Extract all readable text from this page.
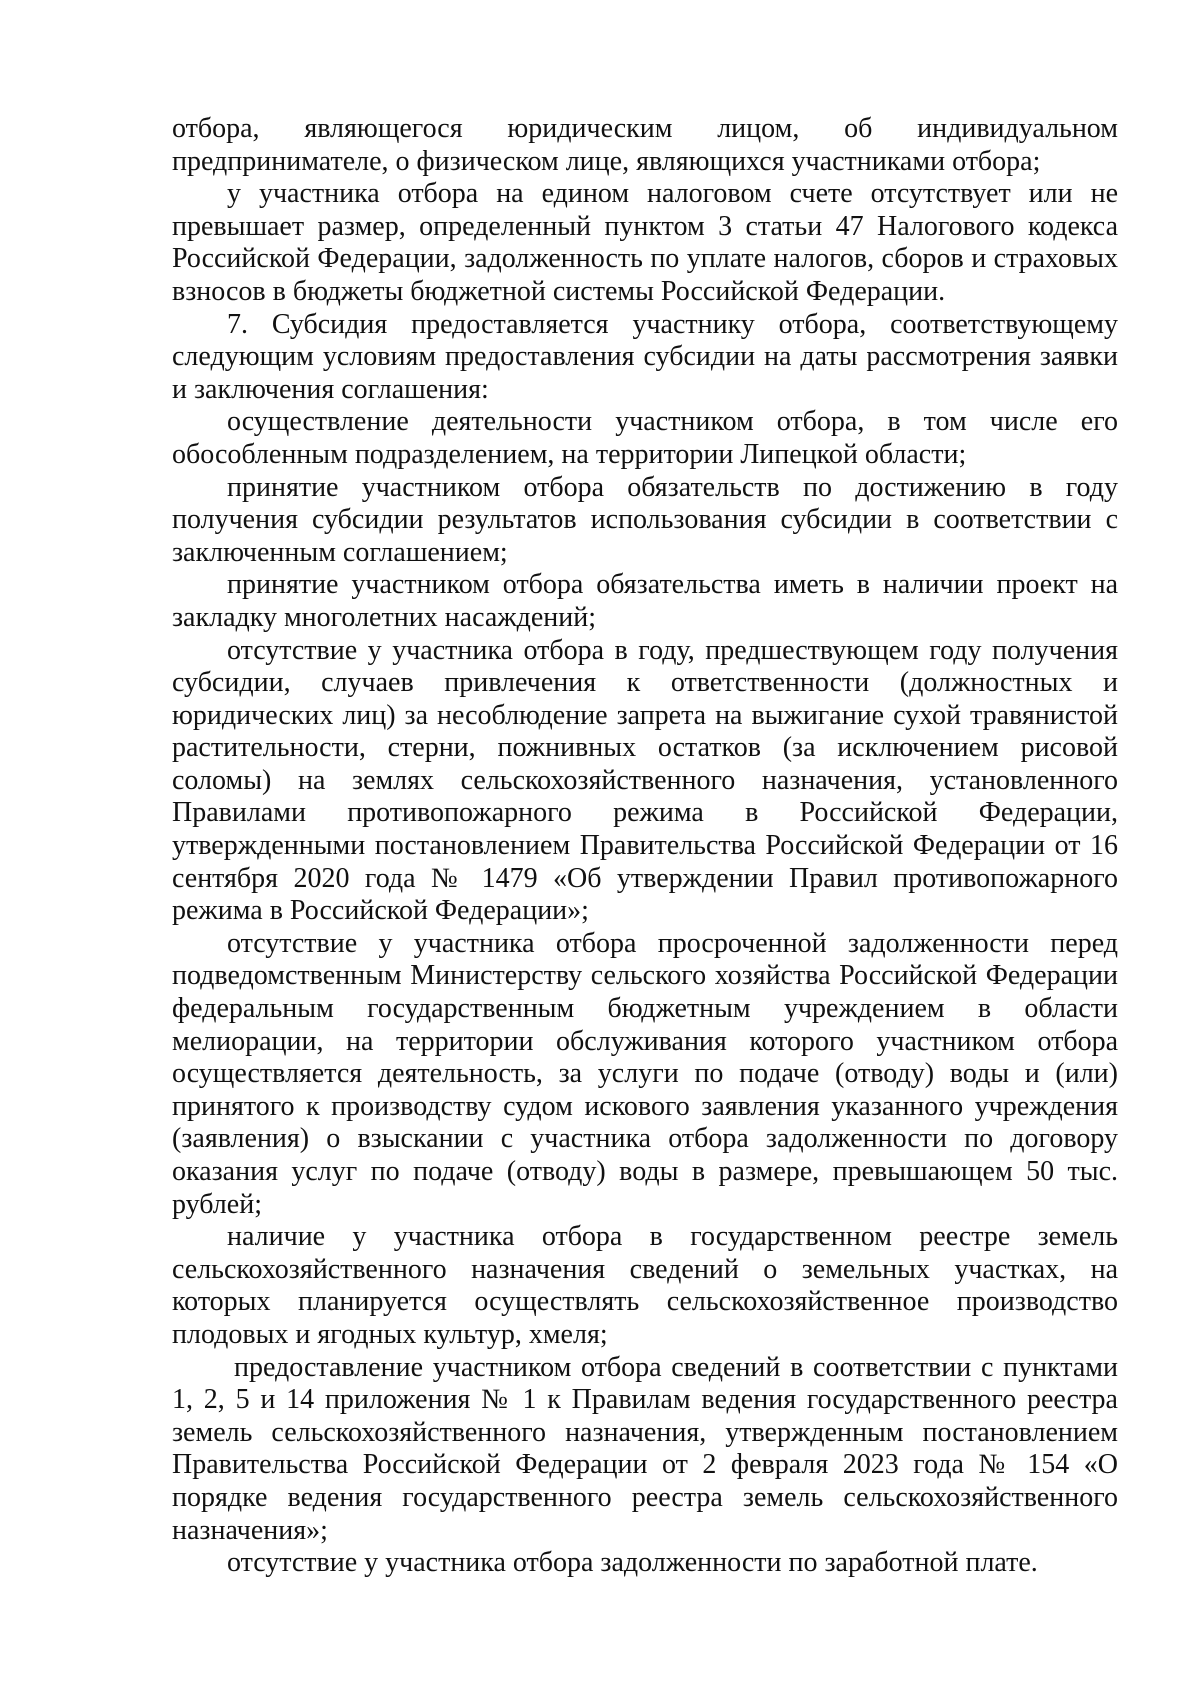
отбора, являющегося юридическим лицом, об индивидуальном предпринимателе, о физическом лице, являющихся участниками отбора;

у участника отбора на едином налоговом счете отсутствует или не превышает размер, определенный пунктом 3 статьи 47 Налогового кодекса Российской Федерации, задолженность по уплате налогов, сборов и страховых взносов в бюджеты бюджетной системы Российской Федерации.

7. Субсидия предоставляется участнику отбора, соответствующему следующим условиям предоставления субсидии на даты рассмотрения заявки и заключения соглашения:

осуществление деятельности участником отбора, в том числе его обособленным подразделением, на территории Липецкой области;

принятие участником отбора обязательств по достижению в году получения субсидии результатов использования субсидии в соответствии с заключенным соглашением;

принятие участником отбора обязательства иметь в наличии проект на закладку многолетних насаждений;

отсутствие у участника отбора в году, предшествующем году получения субсидии, случаев привлечения к ответственности (должностных и юридических лиц) за несоблюдение запрета на выжигание сухой травянистой растительности, стерни, пожнивных остатков (за исключением рисовой соломы) на землях сельскохозяйственного назначения, установленного Правилами противопожарного режима в Российской Федерации, утвержденными постановлением Правительства Российской Федерации от 16 сентября 2020 года № 1479 «Об утверждении Правил противопожарного режима в Российской Федерации»;

отсутствие у участника отбора просроченной задолженности перед подведомственным Министерству сельского хозяйства Российской Федерации федеральным государственным бюджетным учреждением в области мелиорации, на территории обслуживания которого участником отбора осуществляется деятельность, за услуги по подаче (отводу) воды и (или) принятого к производству судом искового заявления указанного учреждения (заявления) о взыскании с участника отбора задолженности по договору оказания услуг по подаче (отводу) воды в размере, превышающем 50 тыс. рублей;

наличие у участника отбора в государственном реестре земель сельскохозяйственного назначения сведений о земельных участках, на которых планируется осуществлять сельскохозяйственное производство плодовых и ягодных культур, хмеля;

предоставление участником отбора сведений в соответствии с пунктами 1, 2, 5 и 14 приложения № 1 к Правилам ведения государственного реестра земель сельскохозяйственного назначения, утвержденным постановлением Правительства Российской Федерации от 2 февраля 2023 года № 154 «О порядке ведения государственного реестра земель сельскохозяйственного назначения»;

отсутствие у участника отбора задолженности по заработной плате.
